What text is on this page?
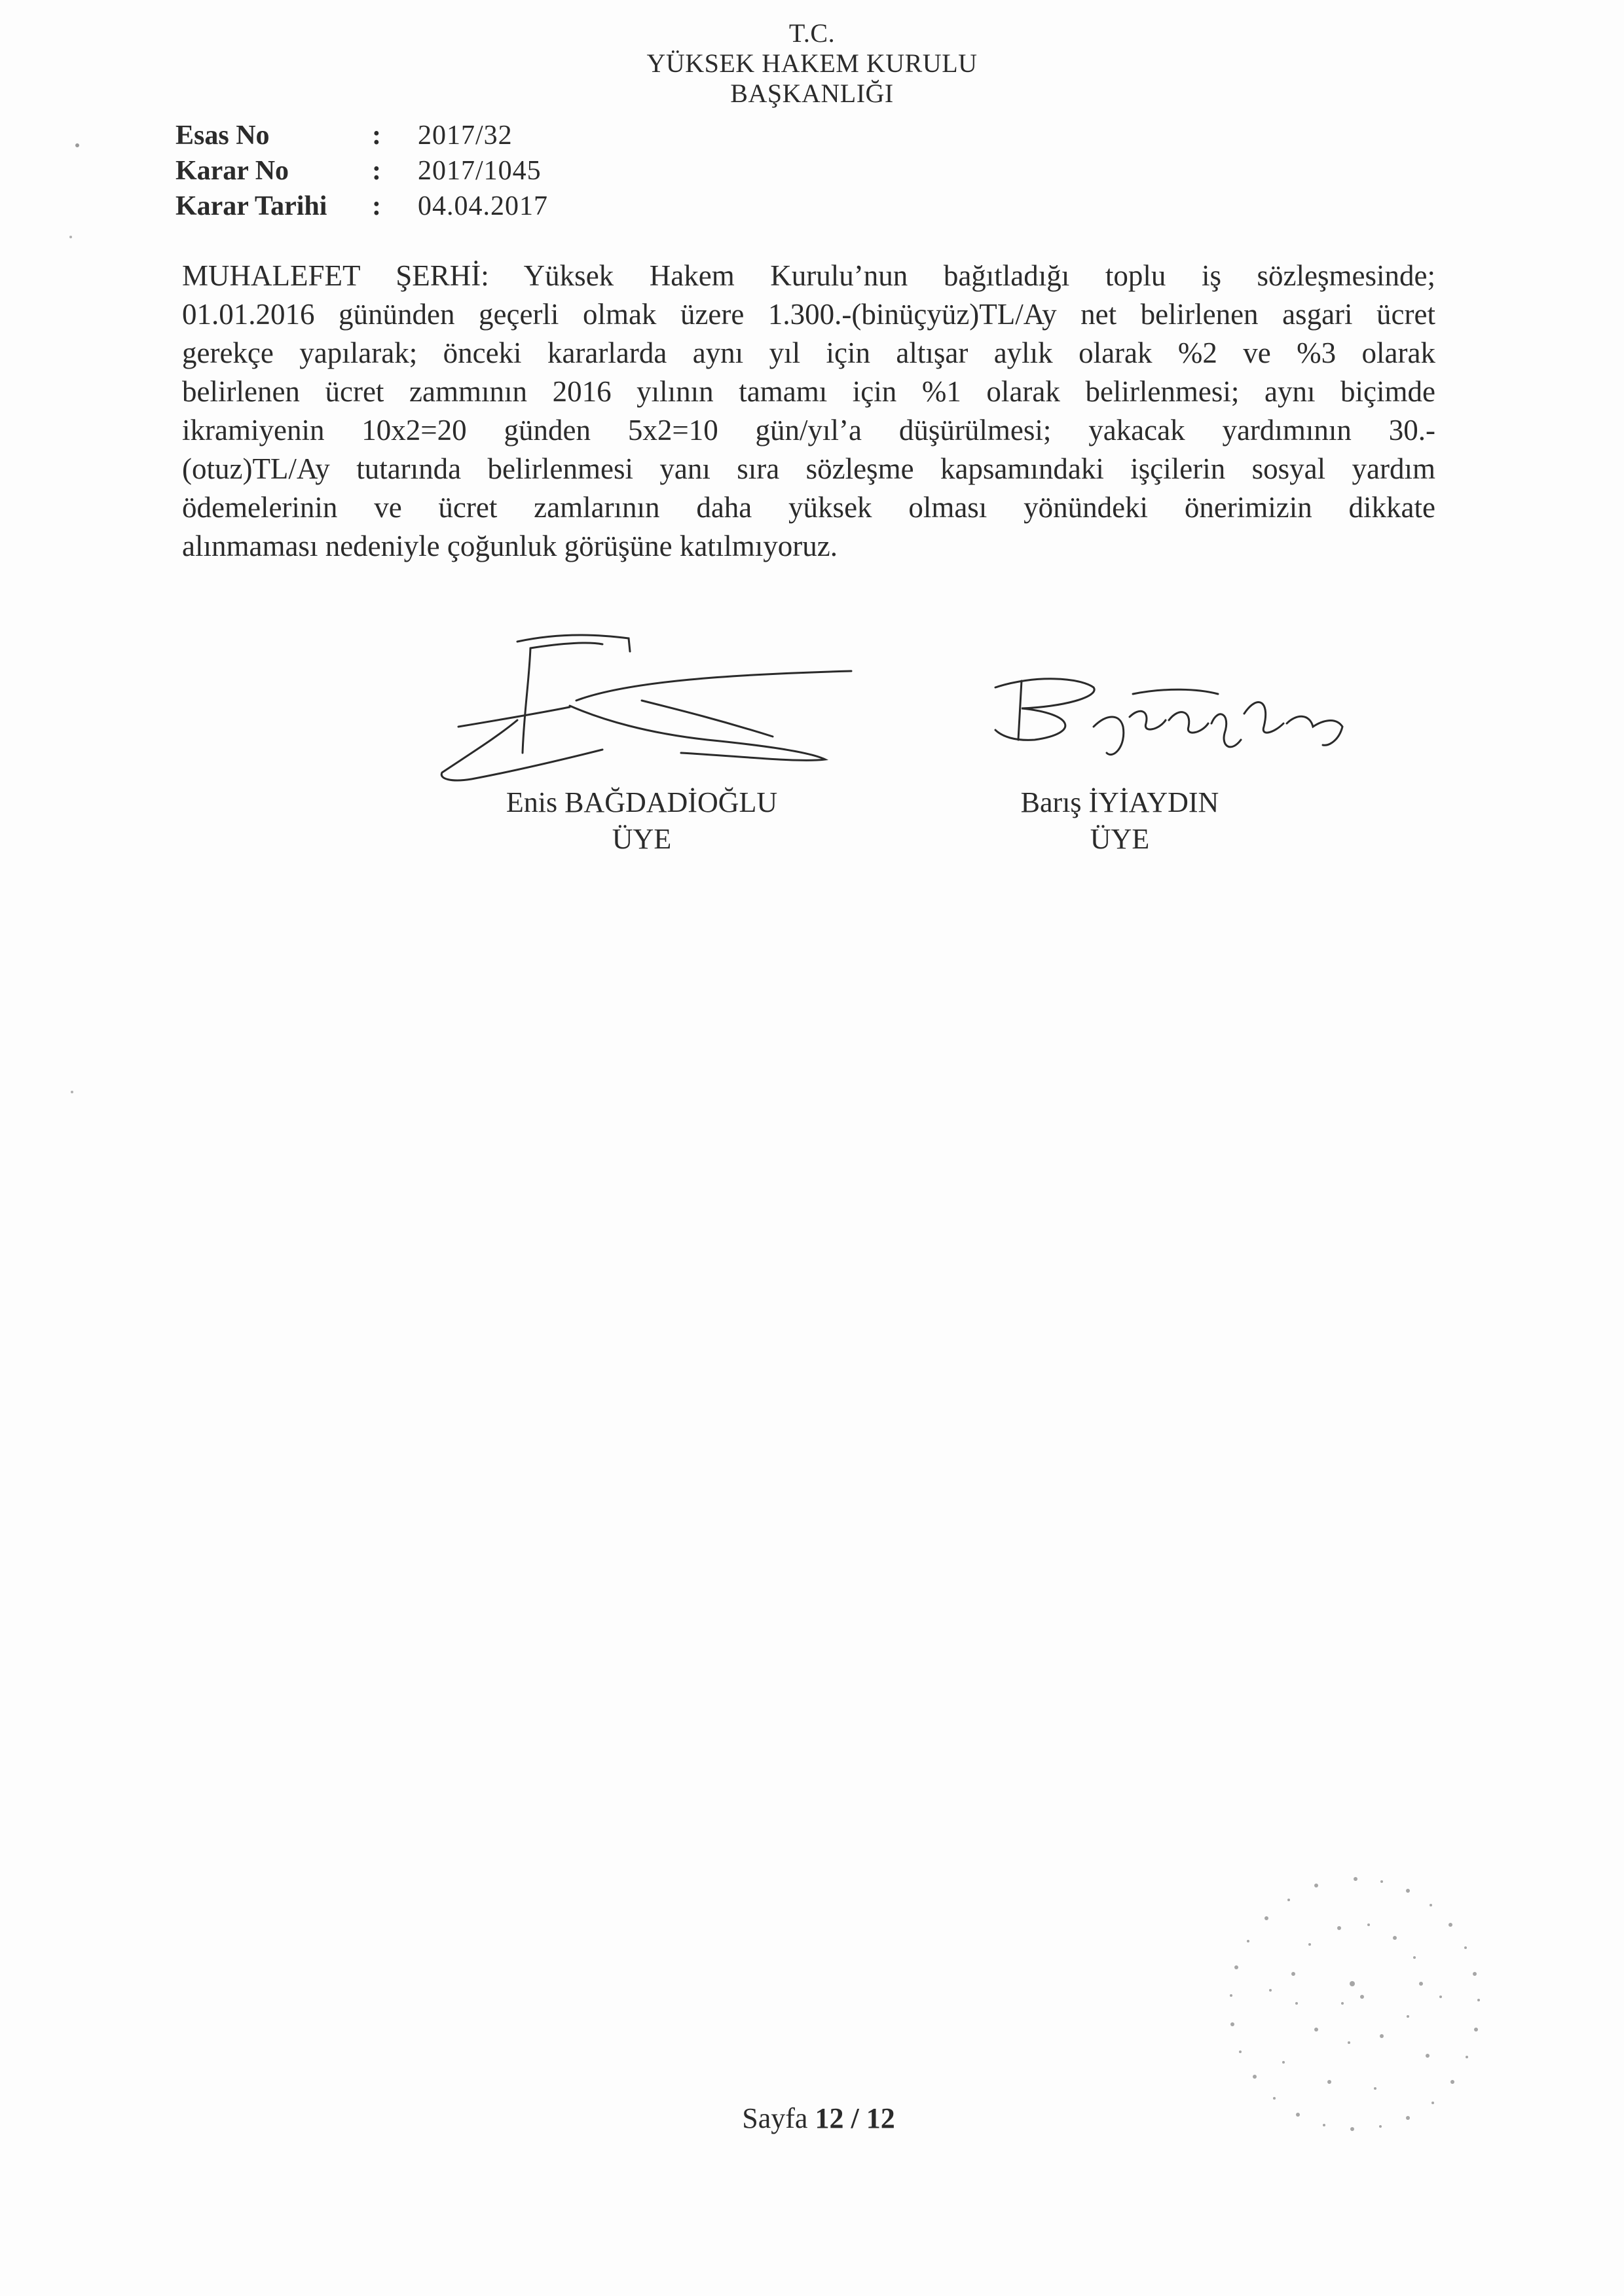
T.C.
YÜKSEK HAKEM KURULU
BAŞKANLIĞI
Esas No	:	2017/32
Karar No	:	2017/1045
Karar Tarihi	:	04.04.2017
MUHALEFET ŞERHİ: Yüksek Hakem Kurulu’nun bağıtladığı toplu iş sözleşmesinde;
01.01.2016 gününden geçerli olmak üzere 1.300.-(binüçyüz)TL/Ay net belirlenen asgari ücret
gerekçe yapılarak; önceki kararlarda aynı yıl için altışar aylık olarak %2 ve %3 olarak
belirlenen ücret zammının 2016 yılının tamamı için %1 olarak belirlenmesi; aynı biçimde
ikramiyenin 10x2=20 günden 5x2=10 gün/yıl’a düşürülmesi; yakacak yardımının 30.-
(otuz)TL/Ay tutarında belirlenmesi yanı sıra sözleşme kapsamındaki işçilerin sosyal yardım
ödemelerinin ve ücret zamlarının daha yüksek olması yönündeki önerimizin dikkate
alınmaması nedeniyle çoğunluk görüşüne katılmıyoruz.
Enis BAĞDADİOĞLU
ÜYE
Barış İYİAYDIN
ÜYE
Sayfa 12 / 12
